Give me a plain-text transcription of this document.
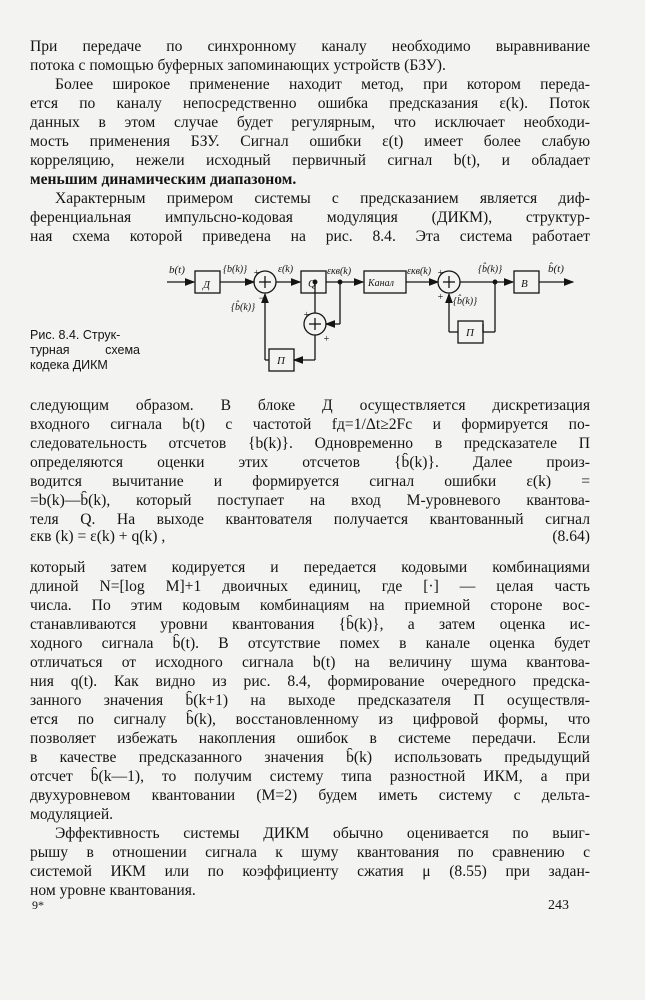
При передаче по синхронному каналу необходимо выравнивание
потока с помощью буферных запоминающих устройств (БЗУ).
Более широкое применение находит метод, при котором переда-
ется по каналу непосредственно ошибка предсказания ε(k). Поток
данных в этом случае будет регулярным, что исключает необходи-
мость применения БЗУ. Сигнал ошибки ε(t) имеет более слабую
корреляцию, нежели исходный первичный сигнал b(t), и обладает
меньшим динамическим диапазоном.
Характерным примером системы с предсказанием является диф-
ференциальная импульсно-кодовая модуляция (ДИКМ), структур-
ная схема которой приведена на рис. 8.4. Эта система работает
Рис. 8.4. Струк-
турная схема
кодека ДИКМ
b(t)
Д
{b(k)}
{b̂(k)}
ε(k)
Q
εкв(k)
Канал
εкв(k)
П
П
В
{b̂(k)}
{b̂(k)}
b̂(t)
+
−
+
+
+
+
следующим образом. В блоке Д осуществляется дискретизация
входного сигнала b(t) с частотой fд=1/Δt≥2Fc и формируется по-
следовательность отсчетов {b(k)}. Одновременно в предсказателе П
определяются оценки этих отсчетов {b̂(k)}. Далее произ-
водится вычитание и формируется сигнал ошибки ε(k) =
=b(k)—b̂(k), который поступает на вход M-уровневого квантова-
теля Q. На выходе квантователя получается квантованный сигнал
εкв (k) = ε(k) + q(k) ,	(8.64)
который затем кодируется и передается кодовыми комбинациями
длиной N=[log M]+1 двоичных единиц, где [·] — целая часть
числа. По этим кодовым комбинациям на приемной стороне вос-
станавливаются уровни квантования {b̂(k)}, а затем оценка ис-
ходного сигнала b̂(t). В отсутствие помех в канале оценка будет
отличаться от исходного сигнала b(t) на величину шума квантова-
ния q(t). Как видно из рис. 8.4, формирование очередного предска-
занного значения b̂(k+1) на выходе предсказателя П осуществля-
ется по сигналу b̂(k), восстановленному из цифровой формы, что
позволяет избежать накопления ошибок в системе передачи. Если
в качестве предсказанного значения b̂(k) использовать предыдущий
отсчет b̂(k—1), то получим систему типа разностной ИКМ, а при
двухуровневом квантовании (M=2) будем иметь систему с дельта-
модуляцией.
Эффективность системы ДИКМ обычно оценивается по выиг-
рышу в отношении сигнала к шуму квантования по сравнению с
системой ИКМ или по коэффициенту сжатия μ (8.55) при задан-
ном уровне квантования.
9*	243
